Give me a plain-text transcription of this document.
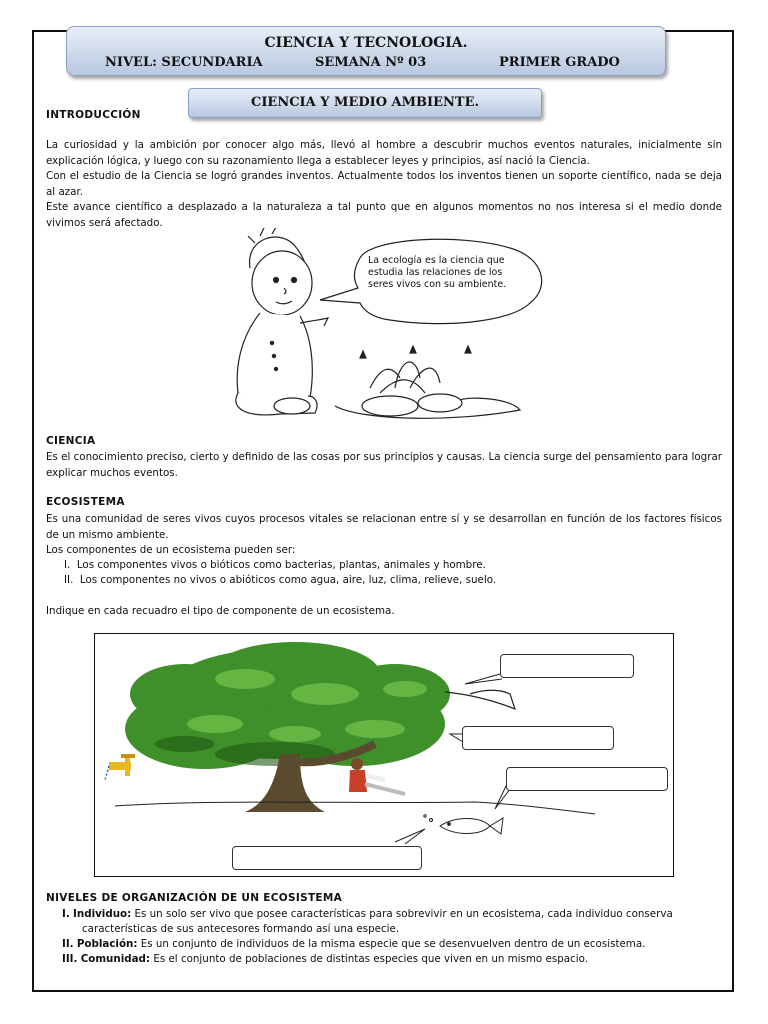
CIENCIA Y TECNOLOGIA.
NIVEL: SECUNDARIA	SEMANA Nº 03	PRIMER GRADO
CIENCIA Y MEDIO AMBIENTE.
INTRODUCCIÓN

La curiosidad y la ambición por conocer algo más, llevó al hombre a descubrir muchos eventos naturales, inicialmente sin explicación lógica, y luego con su razonamiento llega a establecer leyes y principios, así nació la Ciencia.

Con el estudio de la Ciencia se logró grandes inventos. Actualmente todos los inventos tienen un soporte científico, nada se deja al azar.

Este avance científico a desplazado a la naturaleza a tal punto que en algunos momentos no nos interesa si el medio donde vivimos será afectado.

La ecología es la ciencia que estudia las relaciones de los seres vivos con su ambiente.
CIENCIA
Es el conocimiento preciso, cierto y definido de las cosas por sus principios y causas. La ciencia surge del pensamiento para lograr explicar muchos eventos.
ECOSISTEMA
Es una comunidad de seres vivos cuyos procesos vitales se relacionan entre sí y se desarrollan en función de los factores físicos de un mismo ambiente.
Los componentes de un ecosistema pueden ser:
I. Los componentes vivos o bióticos como bacterias, plantas, animales y hombre.
II. Los componentes no vivos o abióticos como agua, aire, luz, clima, relieve, suelo.
Indique en cada recuadro el tipo de componente de un ecosistema.
NIVELES DE ORGANIZACIÓN DE UN ECOSISTEMA
I. Individuo: Es un solo ser vivo que posee características para sobrevivir en un ecosistema, cada individuo conserva
características de sus antecesores formando así una especie.
II. Población: Es un conjunto de individuos de la misma especie que se desenvuelven dentro de un ecosistema.
III. Comunidad: Es el conjunto de poblaciones de distintas especies que viven en un mismo espacio.
